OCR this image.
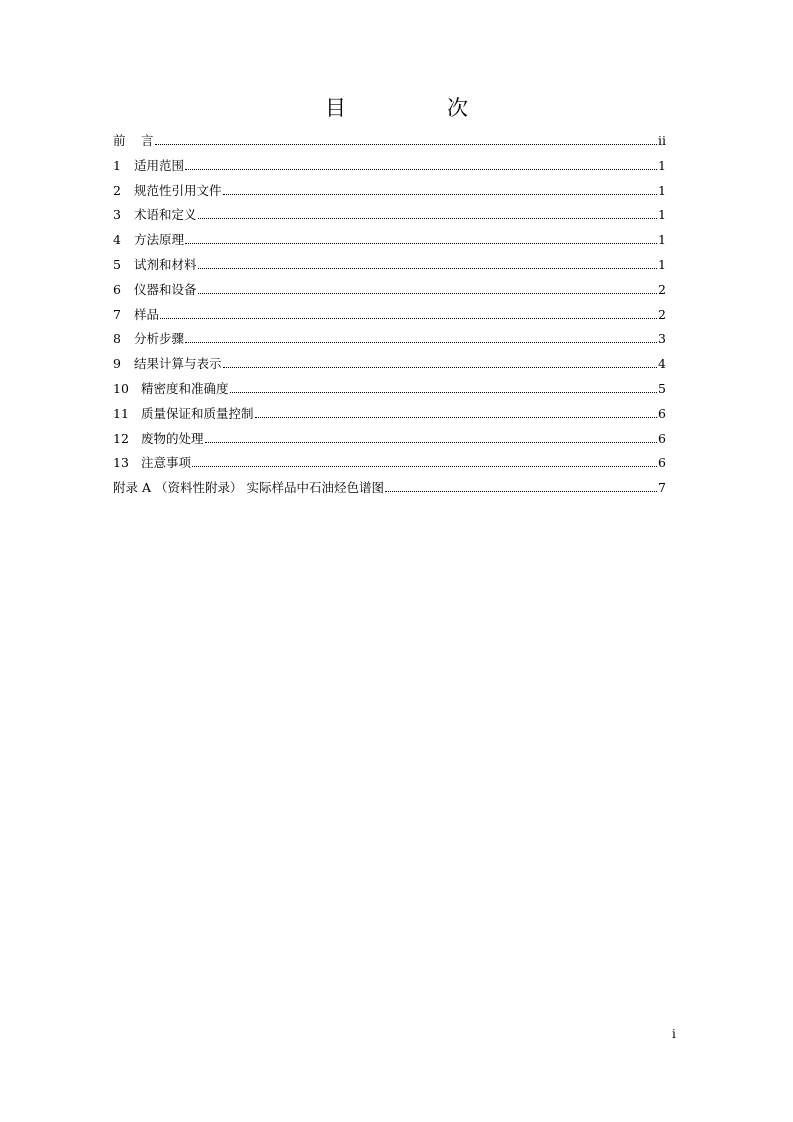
目　次
前	言	ii
1	适用范围	1
2	规范性引用文件	1
3	术语和定义	1
4	方法原理	1
5	试剂和材料	1
6	仪器和设备	2
7	样品	2
8	分析步骤	3
9	结果计算与表示	4
10 精密度和准确度	5
11 质量保证和质量控制	6
12 废物的处理	6
13 注意事项	6
附录 A （资料性附录） 实际样品中石油烃色谱图	7
i
